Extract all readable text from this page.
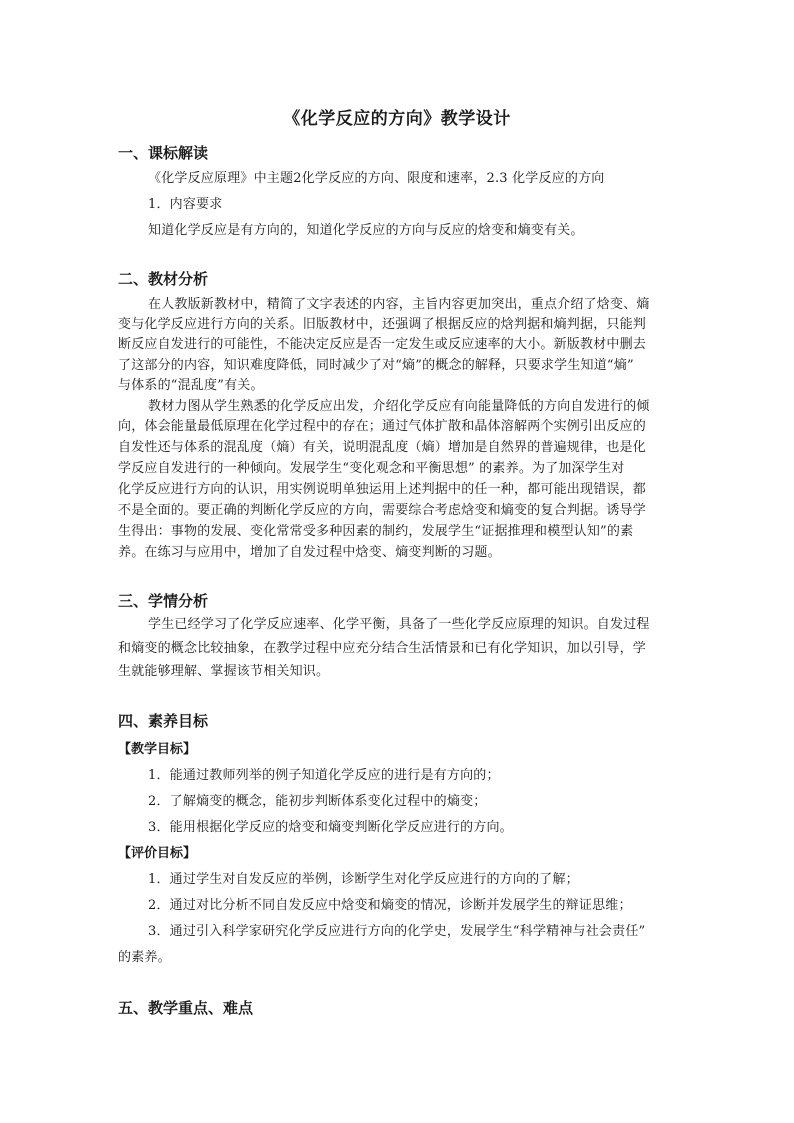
《化学反应的方向》教学设计
一、课标解读
《化学反应原理》中主题2化学反应的方向、限度和速率，2.3 化学反应的方向
1．内容要求
知道化学反应是有方向的，知道化学反应的方向与反应的焓变和熵变有关。
二、教材分析
在人教版新教材中，精简了文字表述的内容，主旨内容更加突出，重点介绍了焓变、熵
变与化学反应进行方向的关系。旧版教材中，还强调了根据反应的焓判据和熵判据，只能判
断反应自发进行的可能性，不能决定反应是否一定发生或反应速率的大小。新版教材中删去
了这部分的内容，知识难度降低，同时减少了对“熵”的概念的解释，只要求学生知道“熵”
与体系的“混乱度”有关。
教材力图从学生熟悉的化学反应出发，介绍化学反应有向能量降低的方向自发进行的倾
向，体会能量最低原理在化学过程中的存在；通过气体扩散和晶体溶解两个实例引出反应的
自发性还与体系的混乱度（熵）有关，说明混乱度（熵）增加是自然界的普遍规律，也是化
学反应自发进行的一种倾向。发展学生“变化观念和平衡思想” 的素养。为了加深学生对
化学反应进行方向的认识，用实例说明单独运用上述判据中的任一种，都可能出现错误，都
不是全面的。要正确的判断化学反应的方向，需要综合考虑焓变和熵变的复合判据。诱导学
生得出：事物的发展、变化常常受多种因素的制约，发展学生“证据推理和模型认知”的素
养。在练习与应用中，增加了自发过程中焓变、熵变判断的习题。
三、学情分析
学生已经学习了化学反应速率、化学平衡，具备了一些化学反应原理的知识。自发过程
和熵变的概念比较抽象，在教学过程中应充分结合生活情景和已有化学知识，加以引导，学
生就能够理解、掌握该节相关知识。
四、素养目标
【教学目标】
1．能通过教师列举的例子知道化学反应的进行是有方向的；
2．了解熵变的概念，能初步判断体系变化过程中的熵变；
3．能用根据化学反应的焓变和熵变判断化学反应进行的方向。
【评价目标】
1．通过学生对自发反应的举例，诊断学生对化学反应进行的方向的了解；
2．通过对比分析不同自发反应中焓变和熵变的情况，诊断并发展学生的辩证思维；
3．通过引入科学家研究化学反应进行方向的化学史，发展学生“科学精神与社会责任”
的素养。
五、教学重点、难点
